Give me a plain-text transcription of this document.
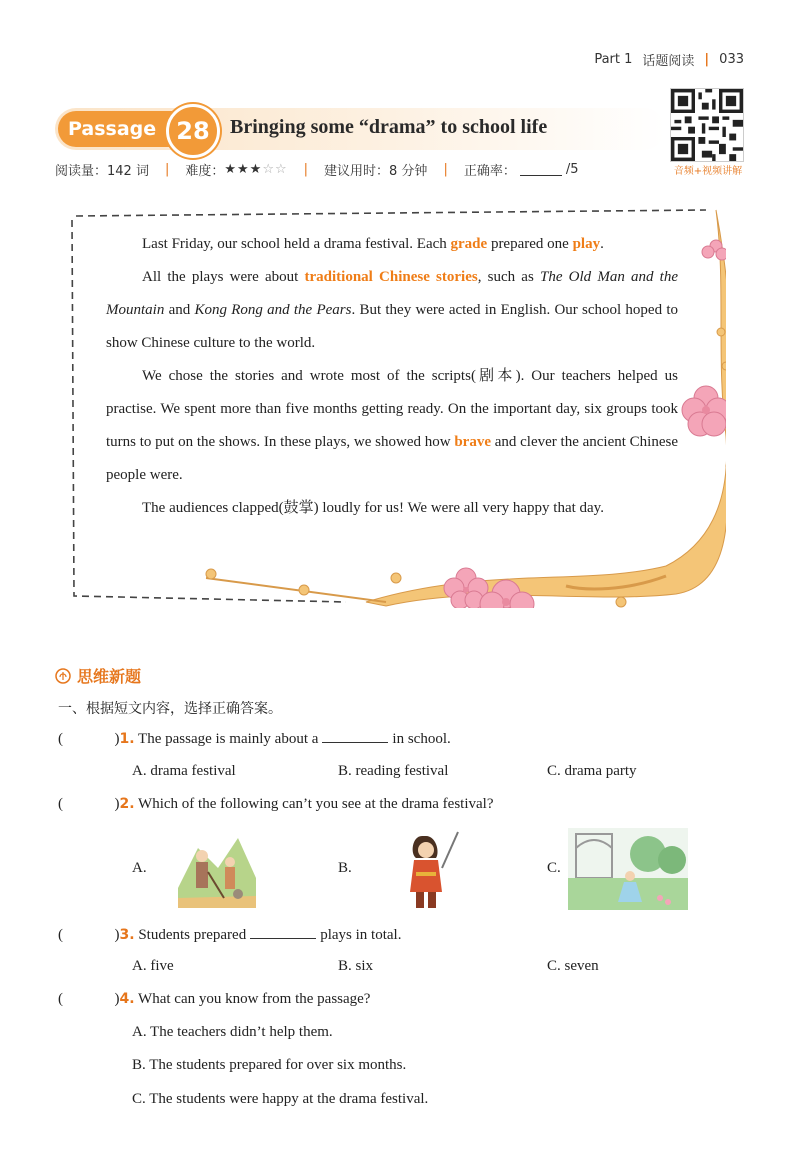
Part 1 话题阅读 | 033
Passage 28	Bringing some “drama” to school life
音频+视频讲解
阅读量：142 词 | 难度： ★★★☆☆ | 建议用时：8 分钟 | 正确率：	/5

Last Friday, our school held a drama festival. Each grade prepared one play.

All the plays were about traditional Chinese stories, such as The Old Man and the Mountain and Kong Rong and the Pears. But they were acted in English. Our school hoped to show Chinese culture to the world.

We chose the stories and wrote most of the scripts(剧本). Our teachers helped us practise. We spent more than five months getting ready. On the important day, six groups took turns to put on the shows. In these plays, we showed how brave and clever the ancient Chinese people were.

The audiences clapped(鼓掌) loudly for us! We were all very happy that day.

思维新题
一、根据短文内容，选择正确答案。
(	)1. The passage is mainly about a	in school.
A. drama festival	B. reading festival	C. drama party
(	)2. Which of the following can’t you see at the drama festival?
A.	B.	C.
(	)3. Students prepared	plays in total.
A. five	B. six	C. seven
(	)4. What can you know from the passage?
A. The teachers didn’t help them.
B. The students prepared for over six months.
C. The students were happy at the drama festival.
